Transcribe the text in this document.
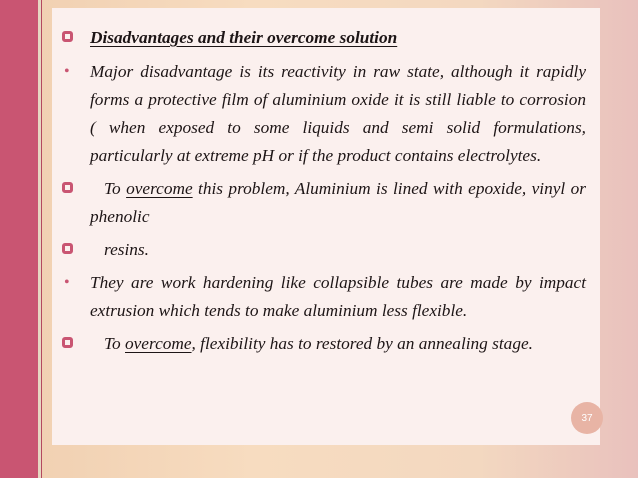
Disadvantages and their overcome solution
• Major disadvantage is its reactivity in raw state, although it rapidly forms a protective film of aluminium oxide it is still liable to corrosion ( when exposed to some liquids and semi solid formulations, particularly at extreme pH or if the product contains electrolytes.
To overcome this problem, Aluminium is lined with epoxide, vinyl or phenolic
resins.
• They are work hardening like collapsible tubes are made by impact extrusion which tends to make aluminium less flexible.
To overcome, flexibility has to restored by an annealing stage.
37
